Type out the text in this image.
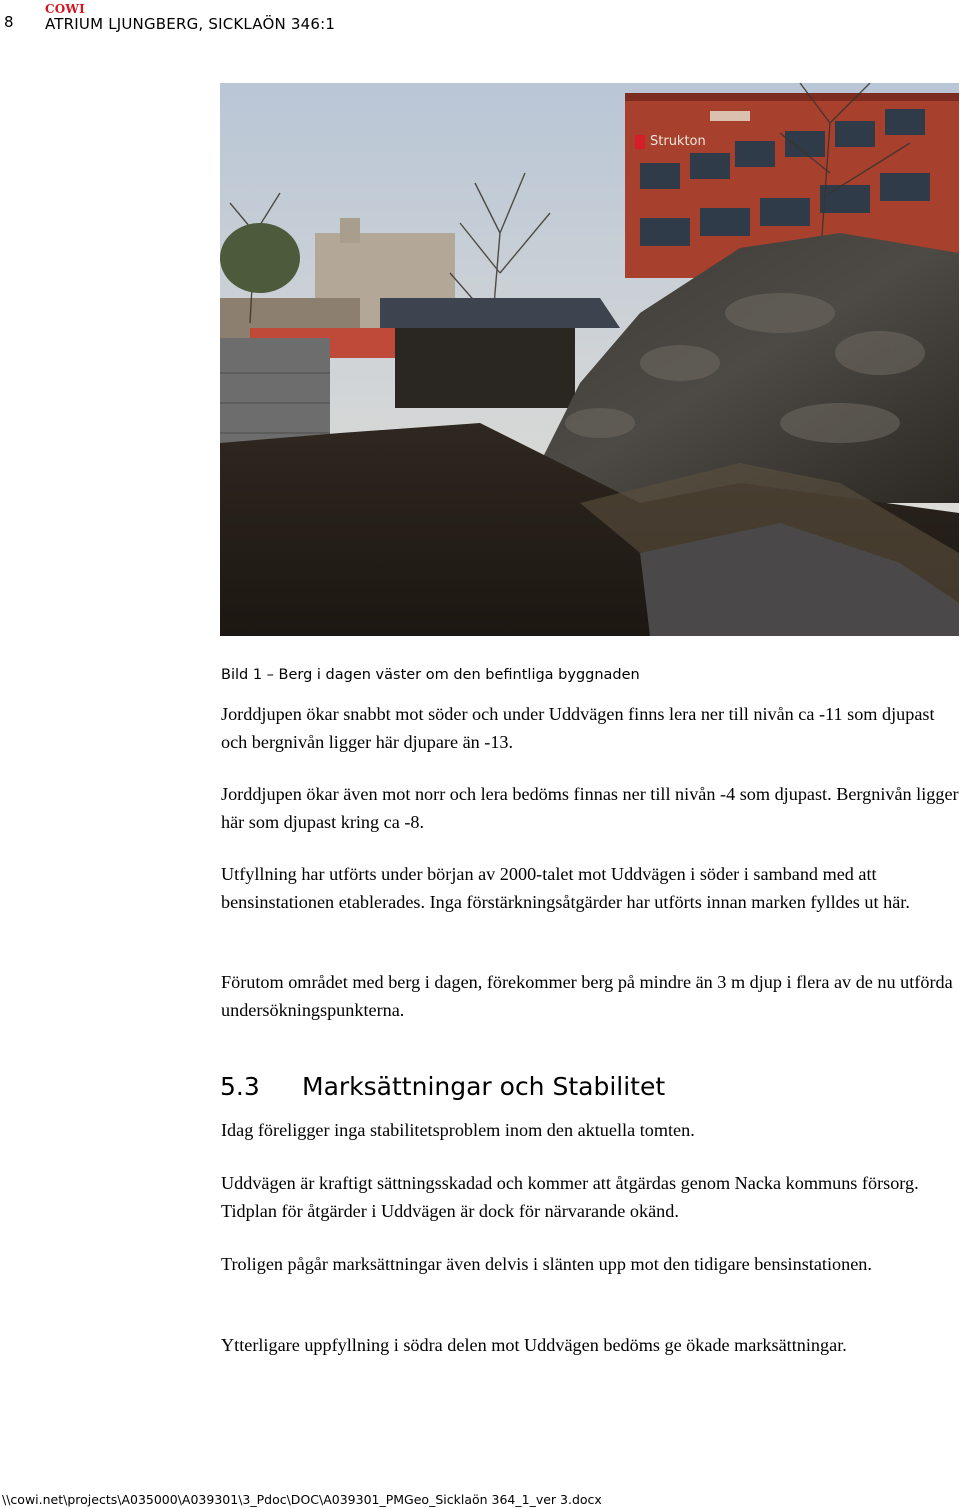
8
COWI
ATRIUM LJUNGBERG, SICKLAÖN 346:1
Strukton
Bild 1 – Berg i dagen väster om den befintliga byggnaden

Jorddjupen ökar snabbt mot söder och under Uddvägen finns lera ner till nivån ca -11 som djupast och bergnivån ligger här djupare än -13.

Jorddjupen ökar även mot norr och lera bedöms finnas ner till nivån -4 som djupast. Bergnivån ligger här som djupast kring ca -8.

Utfyllning har utförts under början av 2000-talet mot Uddvägen i söder i samband med att bensinstationen etablerades. Inga förstärkningsåtgärder har utförts innan marken fylldes ut här.

Förutom området med berg i dagen, förekommer berg på mindre än 3 m djup i flera av de nu utförda undersökningspunkterna.

5.3 Marksättningar och Stabilitet

Idag föreligger inga stabilitetsproblem inom den aktuella tomten.

Uddvägen är kraftigt sättningsskadad och kommer att åtgärdas genom Nacka kommuns försorg. Tidplan för åtgärder i Uddvägen är dock för närvarande okänd.

Troligen pågår marksättningar även delvis i slänten upp mot den tidigare bensinstationen.

Ytterligare uppfyllning i södra delen mot Uddvägen bedöms ge ökade marksättningar.

\\cowi.net\projects\A035000\A039301\3_Pdoc\DOC\A039301_PMGeo_Sicklaön 364_1_ver 3.docx
